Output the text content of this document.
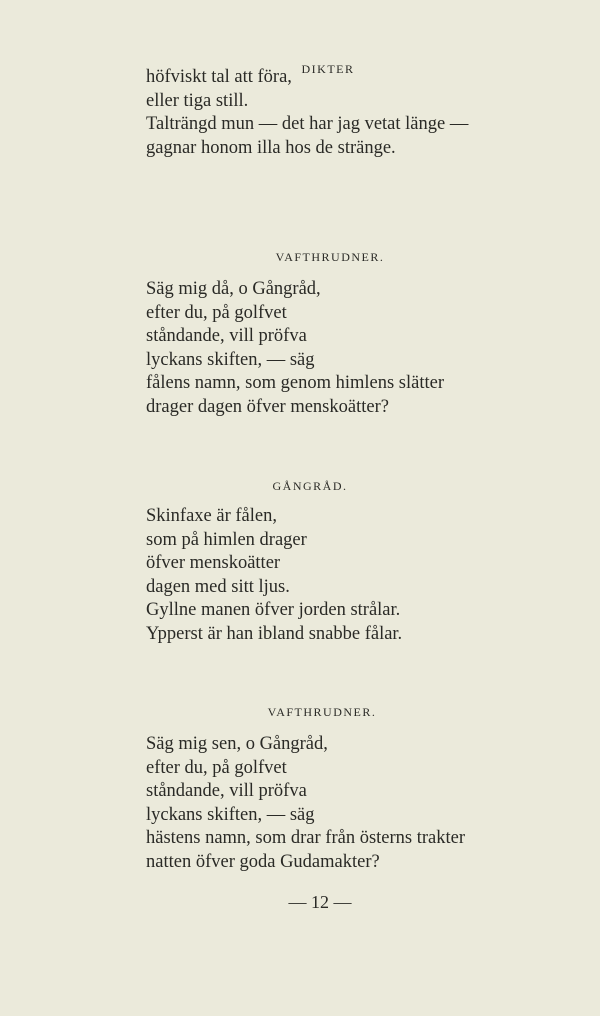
DIKTER
höfviskt tal att föra,
eller tiga still.
Talträngd mun — det har jag vetat länge —
gagnar honom illa hos de stränge.
VAFTHRUDNER.
Säg mig då, o Gångråd,
efter du, på golfvet
ståndande, vill pröfva
lyckans skiften, — säg
fålens namn, som genom himlens slätter
drager dagen öfver menskoätter?
GÅNGRÅD.
Skinfaxe är fålen,
som på himlen drager
öfver menskoätter
dagen med sitt ljus.
Gyllne manen öfver jorden strålar.
Ypperst är han ibland snabbe fålar.
VAFTHRUDNER.
Säg mig sen, o Gångråd,
efter du, på golfvet
ståndande, vill pröfva
lyckans skiften, — säg
hästens namn, som drar från österns trakter
natten öfver goda Gudamakter?
— 12 —
